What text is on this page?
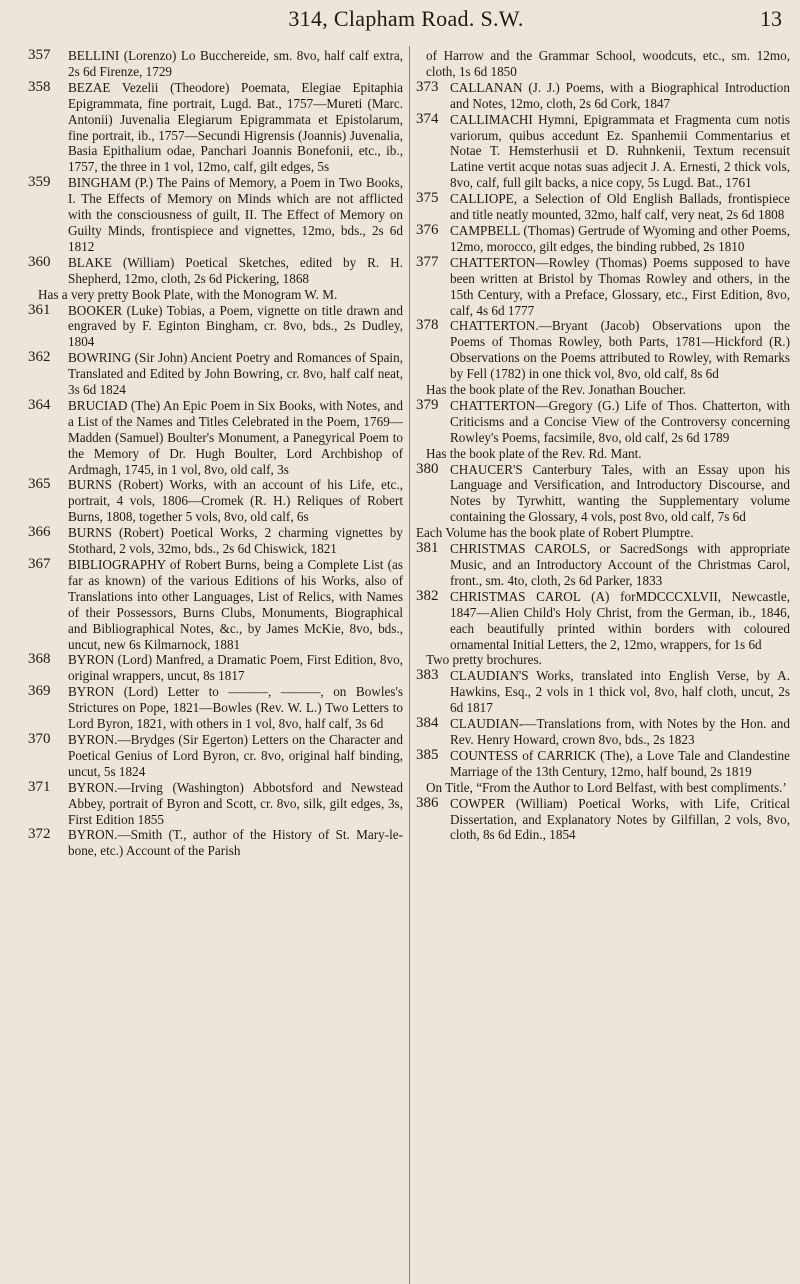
314, Clapham Road. S.W.	13
357	BELLINI (Lorenzo) Lo Bucchereide, sm. 8vo, half calf extra, 2s 6d Firenze, 1729
358	BEZAE Vezelii (Theodore) Poemata, Elegiae Epitaphia Epigrammata, fine portrait, Lugd. Bat., 1757—Mureti (Marc. Antonii) Juvenalia Elegiarum Epigrammata et Epistolarum, fine portrait, ib., 1757—Secundi Higrensis (Joannis) Juvenalia, Basia Epithalium odae, Panchari Joannis Bonefonii, etc., ib., 1757, the three in 1 vol, 12mo, calf, gilt edges, 5s
359	BINGHAM (P.) The Pains of Memory, a Poem in Two Books, I. The Effects of Memory on Minds which are not afflicted with the consciousness of guilt, II. The Effect of Memory on Guilty Minds, frontispiece and vignettes, 12mo, bds., 2s 6d 1812
360	BLAKE (William) Poetical Sketches, edited by R. H. Shepherd, 12mo, cloth, 2s 6d Pickering, 1868
Has a very pretty Book Plate, with the Monogram W. M.
361	BOOKER (Luke) Tobias, a Poem, vignette on title drawn and engraved by F. Eginton Bingham, cr. 8vo, bds., 2s Dudley, 1804
362	BOWRING (Sir John) Ancient Poetry and Romances of Spain, Translated and Edited by John Bowring, cr. 8vo, half calf neat, 3s 6d 1824
364	BRUCIAD (The) An Epic Poem in Six Books, with Notes, and a List of the Names and Titles Celebrated in the Poem, 1769—Madden (Samuel) Boulter's Monument, a Panegyrical Poem to the Memory of Dr. Hugh Boulter, Lord Archbishop of Ardmagh, 1745, in 1 vol, 8vo, old calf, 3s
365	BURNS (Robert) Works, with an account of his Life, etc., portrait, 4 vols, 1806—Cromek (R. H.) Reliques of Robert Burns, 1808, together 5 vols, 8vo, old calf, 6s
366	BURNS (Robert) Poetical Works, 2 charming vignettes by Stothard, 2 vols, 32mo, bds., 2s 6d Chiswick, 1821
367	BIBLIOGRAPHY of Robert Burns, being a Complete List (as far as known) of the various Editions of his Works, also of Translations into other Languages, List of Relics, with Names of their Possessors, Burns Clubs, Monuments, Biographical and Bibliographical Notes, &c., by James McKie, 8vo, bds., uncut, new 6s Kilmarnock, 1881
368	BYRON (Lord) Manfred, a Dramatic Poem, First Edition, 8vo, original wrappers, uncut, 8s 1817
369	BYRON (Lord) Letter to ———, ———, on Bowles's Strictures on Pope, 1821—Bowles (Rev. W. L.) Two Letters to Lord Byron, 1821, with others in 1 vol, 8vo, half calf, 3s 6d
370	BYRON.—Brydges (Sir Egerton) Letters on the Character and Poetical Genius of Lord Byron, cr. 8vo, original half binding, uncut, 5s 1824
371	BYRON.—Irving (Washington) Abbotsford and Newstead Abbey, portrait of Byron and Scott, cr. 8vo, silk, gilt edges, 3s, First Edition 1855
372	BYRON.—Smith (T., author of the History of St. Mary-le-bone, etc.) Account of the Parish
of Harrow and the Grammar School, woodcuts, etc., sm. 12mo, cloth, 1s 6d 1850
373 CALLANAN (J. J.) Poems, with a Biographical Introduction and Notes, 12mo, cloth, 2s 6d Cork, 1847
374 CALLIMACHI Hymni, Epigrammata et Fragmenta cum notis variorum, quibus accedunt Ez. Spanhemii Commentarius et Notae T. Hemsterhusii et D. Ruhnkenii, Textum recensuit Latine vertit acque notas suas adjecit J. A. Ernesti, 2 thick vols, 8vo, calf, full gilt backs, a nice copy, 5s Lugd. Bat., 1761
375 CALLIOPE, a Selection of Old English Ballads, frontispiece and title neatly mounted, 32mo, half calf, very neat, 2s 6d 1808
376 CAMPBELL (Thomas) Gertrude of Wyoming and other Poems, 12mo, morocco, gilt edges, the binding rubbed, 2s 1810
377 CHATTERTON—Rowley (Thomas) Poems supposed to have been written at Bristol by Thomas Rowley and others, in the 15th Century, with a Preface, Glossary, etc., First Edition, 8vo, calf, 4s 6d 1777
378 CHATTERTON.—Bryant (Jacob) Observations upon the Poems of Thomas Rowley, both Parts, 1781—Hickford (R.) Observations on the Poems attributed to Rowley, with Remarks by Fell (1782) in one thick vol, 8vo, old calf, 8s 6d
Has the book plate of the Rev. Jonathan Boucher.
379 CHATTERTON—Gregory (G.) Life of Thos. Chatterton, with Criticisms and a Concise View of the Controversy concerning Rowley's Poems, facsimile, 8vo, old calf, 2s 6d 1789
Has the book plate of the Rev. Rd. Mant.
380 CHAUCER'S Canterbury Tales, with an Essay upon his Language and Versification, and Introductory Discourse, and Notes by Tyrwhitt, wanting the Supplementary volume containing the Glossary, 4 vols, post 8vo, old calf, 7s 6d
Each Volume has the book plate of Robert Plumptre.
381 CHRISTMAS CAROLS, or SacredSongs with appropriate Music, and an Introductory Account of the Christmas Carol, front., sm. 4to, cloth, 2s 6d Parker, 1833
382 CHRISTMAS CAROL (A) forMDCCCXLVII, Newcastle, 1847—Alien Child's Holy Christ, from the German, ib., 1846, each beautifully printed within borders with coloured ornamental Initial Letters, the 2, 12mo, wrappers, for 1s 6d
Two pretty brochures.
383 CLAUDIAN'S Works, translated into English Verse, by A. Hawkins, Esq., 2 vols in 1 thick vol, 8vo, half cloth, uncut, 2s 6d 1817
384 CLAUDIAN-—Translations from, with Notes by the Hon. and Rev. Henry Howard, crown 8vo, bds., 2s 1823
385 COUNTESS of CARRICK (The), a Love Tale and Clandestine Marriage of the 13th Century, 12mo, half bound, 2s 1819
On Title, “From the Author to Lord Belfast, with best compliments.’
386 COWPER (William) Poetical Works, with Life, Critical Dissertation, and Explanatory Notes by Gilfillan, 2 vols, 8vo, cloth, 8s 6d Edin., 1854
